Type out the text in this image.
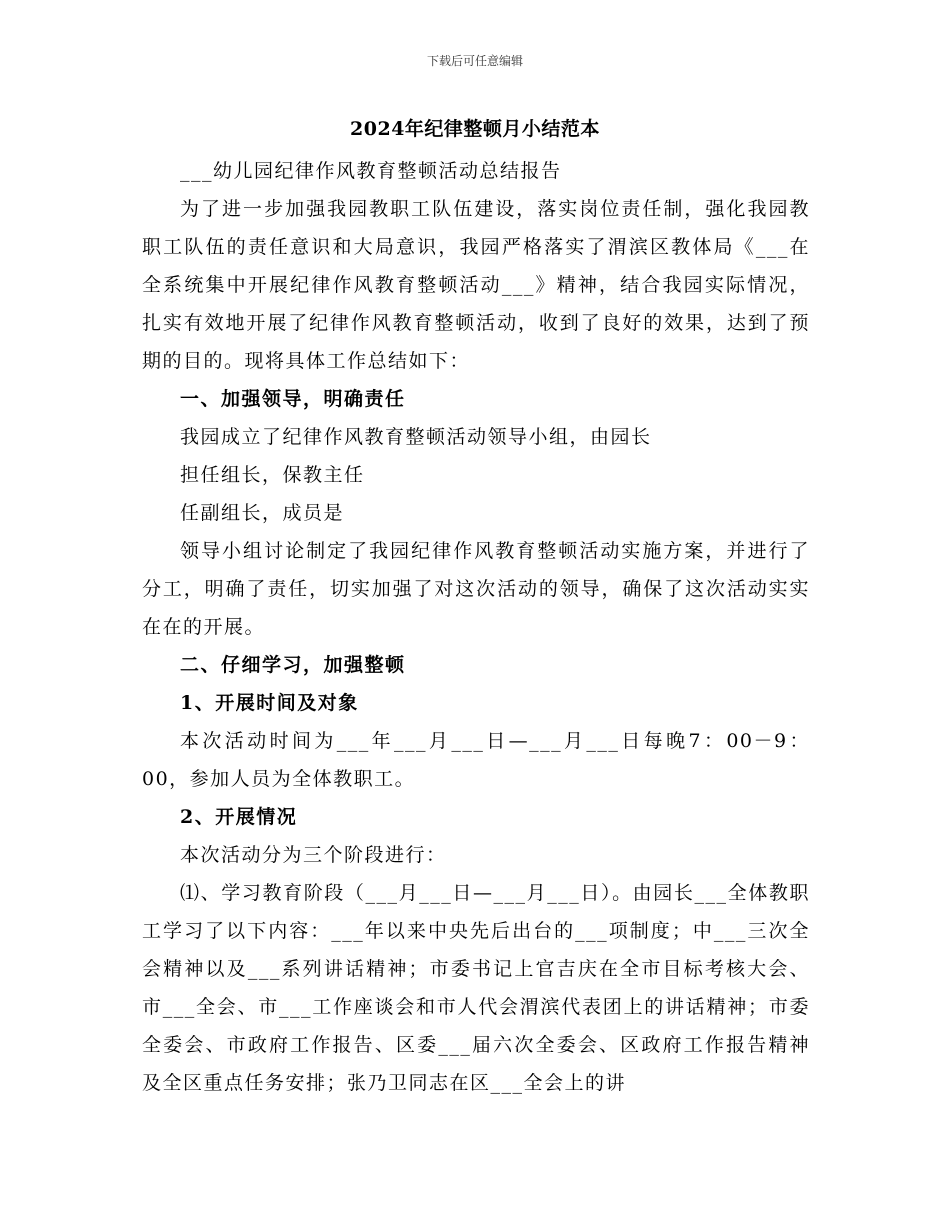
下载后可任意编辑
2024年纪律整顿月小结范本

___幼儿园纪律作风教育整顿活动总结报告

为了进一步加强我园教职工队伍建设，落实岗位责任制，强化我园教职工队伍的责任意识和大局意识，我园严格落实了渭滨区教体局《___在全系统集中开展纪律作风教育整顿活动___》精神，结合我园实际情况，扎实有效地开展了纪律作风教育整顿活动，收到了良好的效果，达到了预期的目的。现将具体工作总结如下：

一、加强领导，明确责任

我园成立了纪律作风教育整顿活动领导小组，由园长

担任组长，保教主任

任副组长，成员是

领导小组讨论制定了我园纪律作风教育整顿活动实施方案，并进行了分工，明确了责任，切实加强了对这次活动的领导，确保了这次活动实实在在的开展。

二、仔细学习，加强整顿

1、开展时间及对象

本次活动时间为___年___月___日—___月___日每晚7：00－9：00，参加人员为全体教职工。

2、开展情况

本次活动分为三个阶段进行：

⑴、学习教育阶段（___月___日—___月___日）。由园长___全体教职工学习了以下内容：___年以来中央先后出台的___项制度；中___三次全会精神以及___系列讲话精神；市委书记上官吉庆在全市目标考核大会、市___全会、市___工作座谈会和市人代会渭滨代表团上的讲话精神；市委全委会、市政府工作报告、区委___届六次全委会、区政府工作报告精神及全区重点任务安排；张乃卫同志在区___全会上的讲
